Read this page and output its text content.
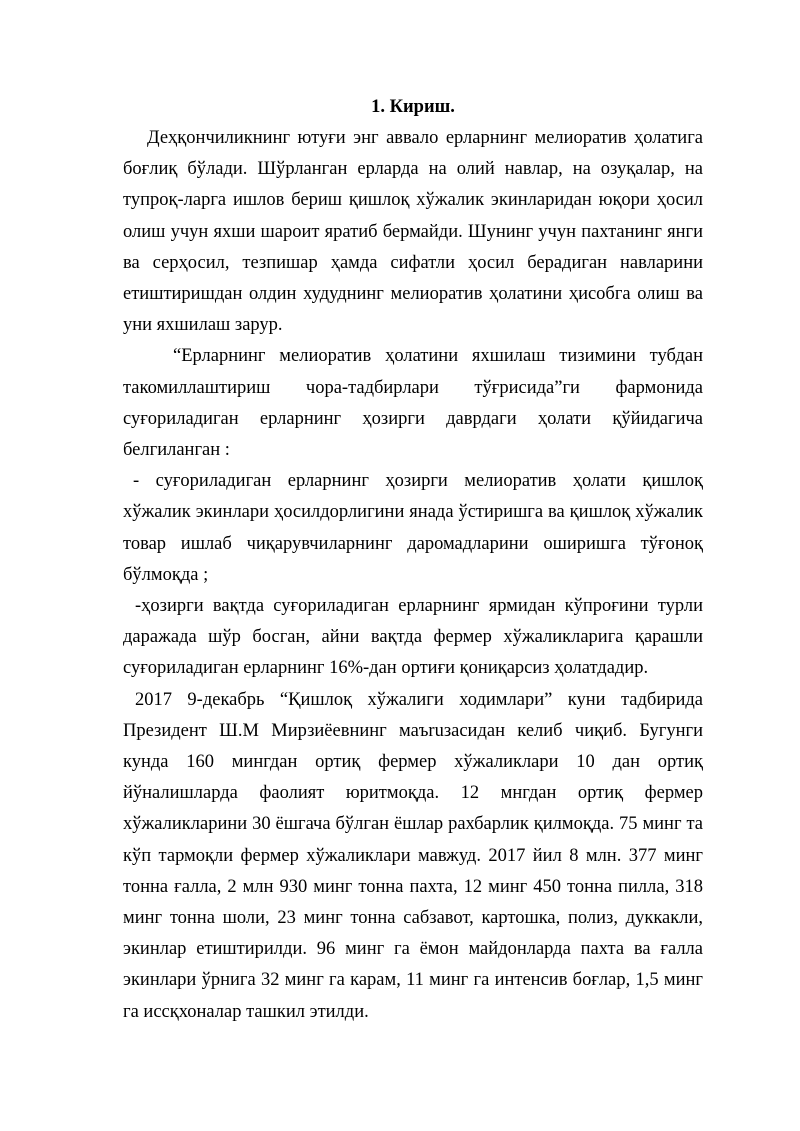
1. Кириш.

Деҳқончиликнинг ютуғи энг аввало ерларнинг мелиоратив ҳолатига боғлиқ бўлади. Шўрланган ерларда на олий навлар, на озуқалар, на тупроқ-ларга ишлов бериш қишлоқ хўжалик экинларидан юқори ҳосил олиш учун яхши шароит яратиб бермайди. Шунинг учун пахтанинг янги ва серҳосил, тезпишар ҳамда сифатли ҳосил берадиган навларини етиштиришдан олдин худуднинг мелиоратив ҳолатини ҳисобга олиш ва уни яхшилаш зарур.

“Ерларнинг мелиоратив ҳолатини яхшилаш тизимини тубдан такомиллаштириш чора-тадбирлари тўғрисида”ги фармонида суғориладиган ерларнинг ҳозирги даврдаги ҳолати қўйидагича белгиланган :

- суғориладиган ерларнинг ҳозирги мелиоратив ҳолати қишлоқ хўжалик экинлари ҳосилдорлигини янада ўстиришга ва қишлоқ хўжалик товар ишлаб чиқарувчиларнинг даромадларини оширишга тўғоноқ бўлмоқда ;

-ҳозирги вақтда суғориладиган ерларнинг ярмидан кўпроғини турли даражада шўр босган, айни вақтда фермер хўжаликларига қарашли суғориладиган ерларнинг 16%-дан ортиғи қониқарсиз ҳолатдадир.

2017 9-декабрь “Қишлоқ хўжалиги ходимлари” куни тадбирида Президент Ш.М Мирзиёевнинг маъruзасидан келиб чиқиб. Бугунги кунда 160 мингдан ортиқ фермер хўжаликлари 10 дан ортиқ йўналишларда фаолият юритмоқда. 12 мнгдан ортиқ фермер хўжаликларини 30 ёшгача бўлган ёшлар рахбарлик қилмоқда. 75 минг та кўп тармоқли фермер хўжаликлари мавжуд. 2017 йил 8 млн. 377 минг тонна ғалла, 2 млн 930 минг тонна пахта, 12 минг 450 тонна пилла, 318 минг тонна шоли, 23 минг тонна сабзавот, картошка, полиз, дуккакли, экинлар етиштирилди. 96 минг га ёмон майдонларда пахта ва ғалла экинлари ўрнига 32 минг га карам, 11 минг га интенсив боғлар, 1,5 минг га иссқхоналар ташкил этилди.
